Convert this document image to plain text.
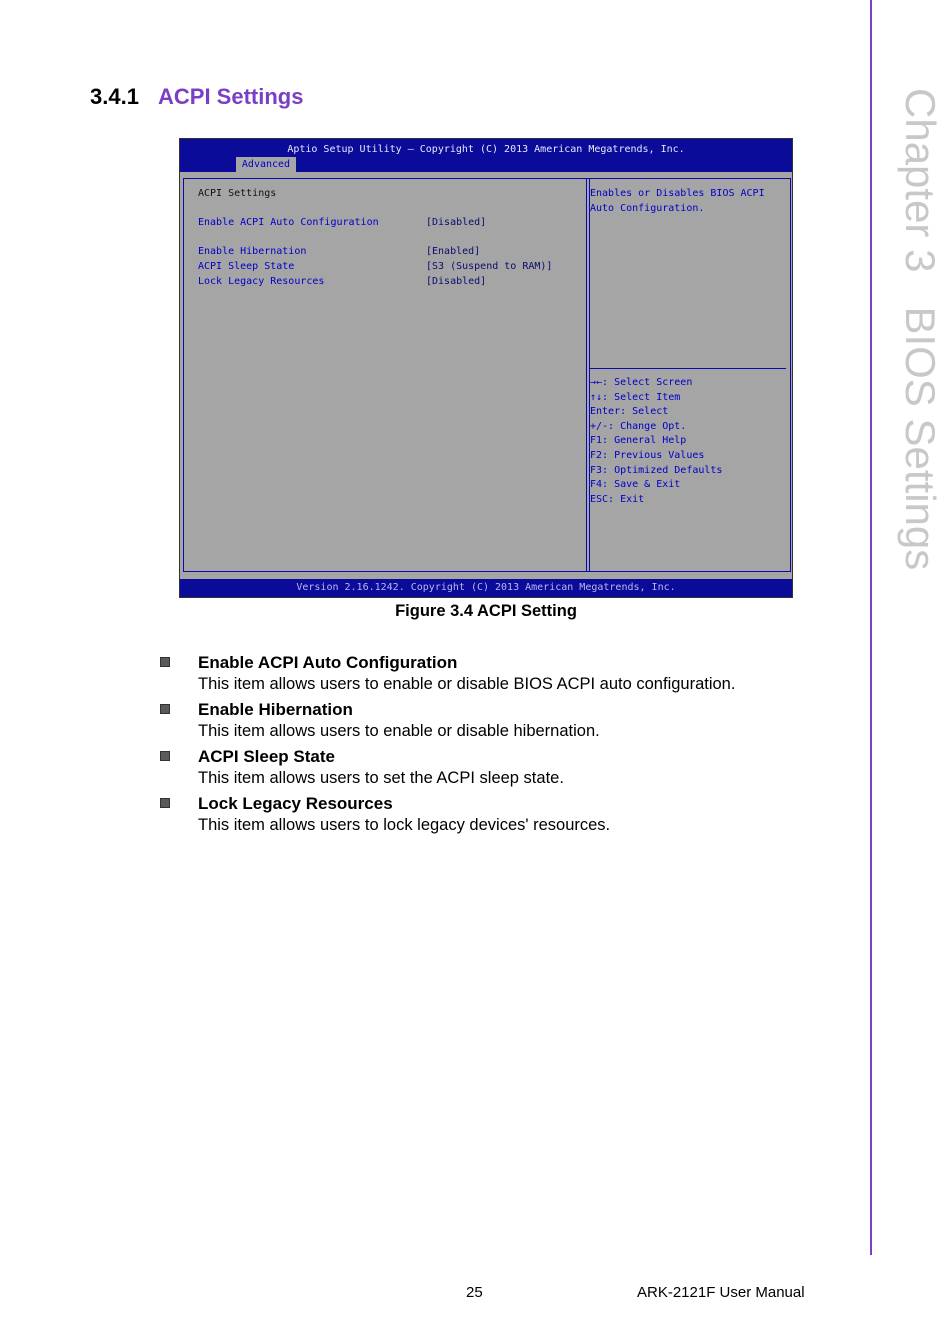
Chapter 3BIOS Settings
3.4.1 ACPI Settings
Aptio Setup Utility – Copyright (C) 2013 American Megatrends, Inc.
Advanced
ACPI Settings
Enable ACPI Auto Configuration	[Disabled]
Enable Hibernation	[Enabled]
ACPI Sleep State	[S3 (Suspend to RAM)]
Lock Legacy Resources	[Disabled]
Enables or Disables BIOS ACPI
Auto Configuration.
→←: Select Screen
↑↓: Select Item
Enter: Select
+/-: Change Opt.
F1: General Help
F2: Previous Values
F3: Optimized Defaults
F4: Save & Exit
ESC: Exit
Version 2.16.1242. Copyright (C) 2013 American Megatrends, Inc.
Figure 3.4 ACPI Setting
Enable ACPI Auto Configuration
This item allows users to enable or disable BIOS ACPI auto configuration.
Enable Hibernation
This item allows users to enable or disable hibernation.
ACPI Sleep State
This item allows users to set the ACPI sleep state.
Lock Legacy Resources
This item allows users to lock legacy devices' resources.
25	ARK-2121F User Manual
